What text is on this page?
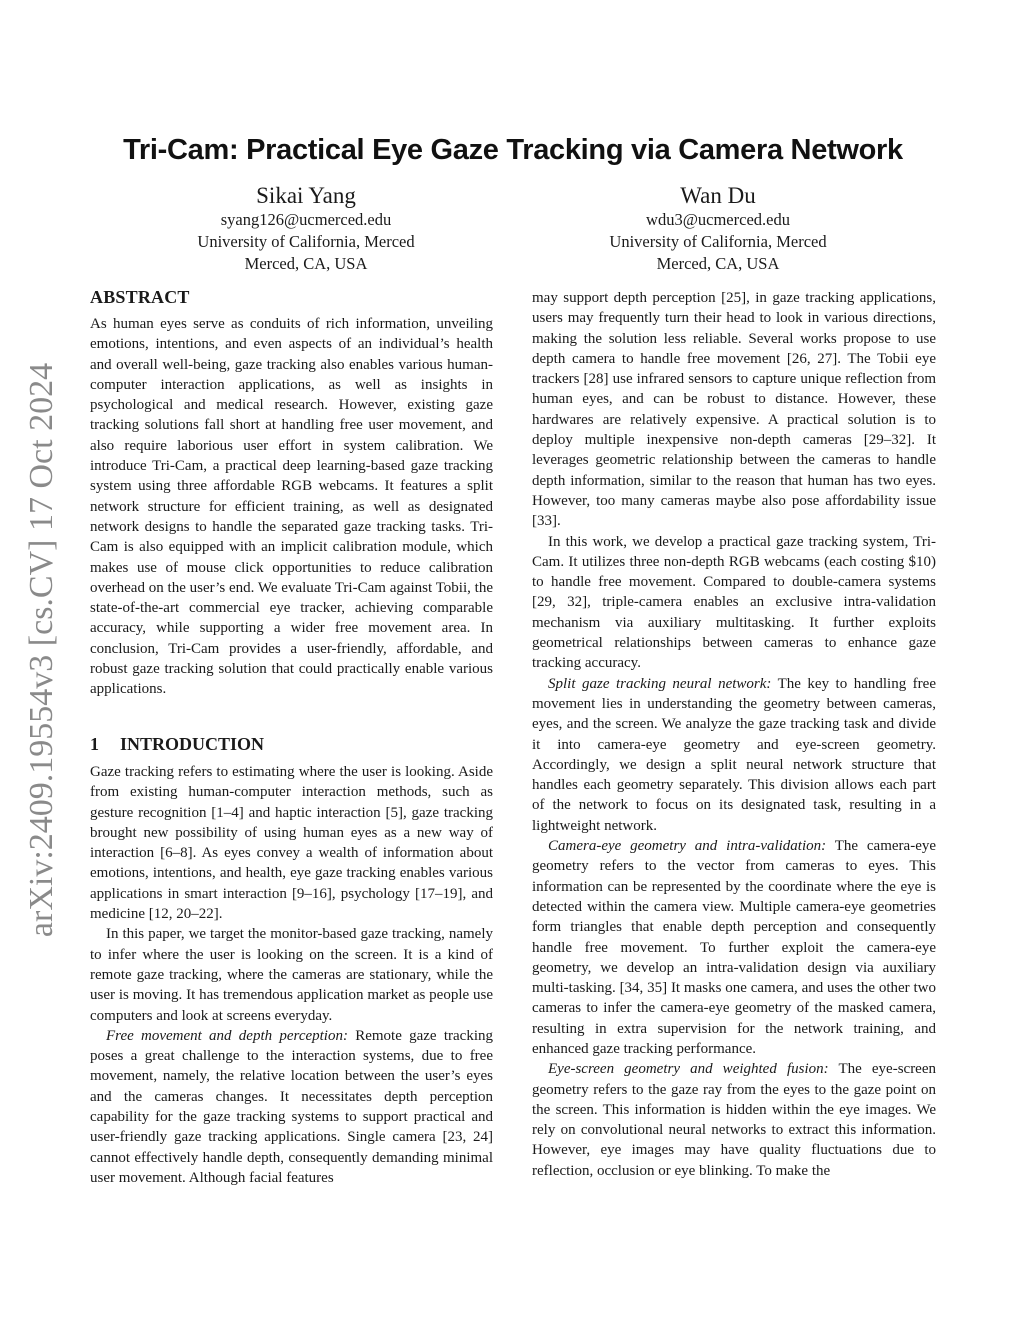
arXiv:2409.19554v3 [cs.CV] 17 Oct 2024
Tri-Cam: Practical Eye Gaze Tracking via Camera Network
Sikai Yang
syang126@ucmerced.edu
University of California, Merced
Merced, CA, USA
Wan Du
wdu3@ucmerced.edu
University of California, Merced
Merced, CA, USA
ABSTRACT

As human eyes serve as conduits of rich information, unveiling emotions, intentions, and even aspects of an individual’s health and overall well-being, gaze tracking also enables various human-computer interaction applications, as well as insights in psychological and medical research. However, existing gaze tracking solutions fall short at handling free user movement, and also require laborious user effort in system calibration. We introduce Tri-Cam, a practical deep learning-based gaze tracking system using three affordable RGB webcams. It features a split network structure for efficient training, as well as designated network designs to handle the separated gaze tracking tasks. Tri-Cam is also equipped with an implicit calibration module, which makes use of mouse click opportunities to reduce calibration overhead on the user’s end. We evaluate Tri-Cam against Tobii, the state-of-the-art commercial eye tracker, achieving comparable accuracy, while supporting a wider free movement area. In conclusion, Tri-Cam provides a user-friendly, affordable, and robust gaze tracking solution that could practically enable various applications.

1 INTRODUCTION

Gaze tracking refers to estimating where the user is looking. Aside from existing human-computer interaction methods, such as gesture recognition [1–4] and haptic interaction [5], gaze tracking brought new possibility of using human eyes as a new way of interaction [6–8]. As eyes convey a wealth of information about emotions, intentions, and health, eye gaze tracking enables various applications in smart interaction [9–16], psychology [17–19], and medicine [12, 20–22].

In this paper, we target the monitor-based gaze tracking, namely to infer where the user is looking on the screen. It is a kind of remote gaze tracking, where the cameras are stationary, while the user is moving. It has tremendous application market as people use computers and look at screens everyday.

Free movement and depth perception: Remote gaze tracking poses a great challenge to the interaction systems, due to free movement, namely, the relative location between the user’s eyes and the cameras changes. It necessitates depth perception capability for the gaze tracking systems to support practical and user-friendly gaze tracking applications. Single camera [23, 24] cannot effectively handle depth, consequently demanding minimal user movement. Although facial features

may support depth perception [25], in gaze tracking applications, users may frequently turn their head to look in various directions, making the solution less reliable. Several works propose to use depth camera to handle free movement [26, 27]. The Tobii eye trackers [28] use infrared sensors to capture unique reflection from human eyes, and can be robust to distance. However, these hardwares are relatively expensive. A practical solution is to deploy multiple inexpensive non-depth cameras [29–32]. It leverages geometric relationship between the cameras to handle depth information, similar to the reason that human has two eyes. However, too many cameras maybe also pose affordability issue [33].

In this work, we develop a practical gaze tracking system, Tri-Cam. It utilizes three non-depth RGB webcams (each costing $10) to handle free movement. Compared to double-camera systems [29, 32], triple-camera enables an exclusive intra-validation mechanism via auxiliary multitasking. It further exploits geometrical relationships between cameras to enhance gaze tracking accuracy.

Split gaze tracking neural network: The key to handling free movement lies in understanding the geometry between cameras, eyes, and the screen. We analyze the gaze tracking task and divide it into camera-eye geometry and eye-screen geometry. Accordingly, we design a split neural network structure that handles each geometry separately. This division allows each part of the network to focus on its designated task, resulting in a lightweight network.

Camera-eye geometry and intra-validation: The camera-eye geometry refers to the vector from cameras to eyes. This information can be represented by the coordinate where the eye is detected within the camera view. Multiple camera-eye geometries form triangles that enable depth perception and consequently handle free movement. To further exploit the camera-eye geometry, we develop an intra-validation design via auxiliary multi-tasking. [34, 35] It masks one camera, and uses the other two cameras to infer the camera-eye geometry of the masked camera, resulting in extra supervision for the network training, and enhanced gaze tracking performance.

Eye-screen geometry and weighted fusion: The eye-screen geometry refers to the gaze ray from the eyes to the gaze point on the screen. This information is hidden within the eye images. We rely on convolutional neural networks to extract this information. However, eye images may have quality fluctuations due to reflection, occlusion or eye blinking. To make the
